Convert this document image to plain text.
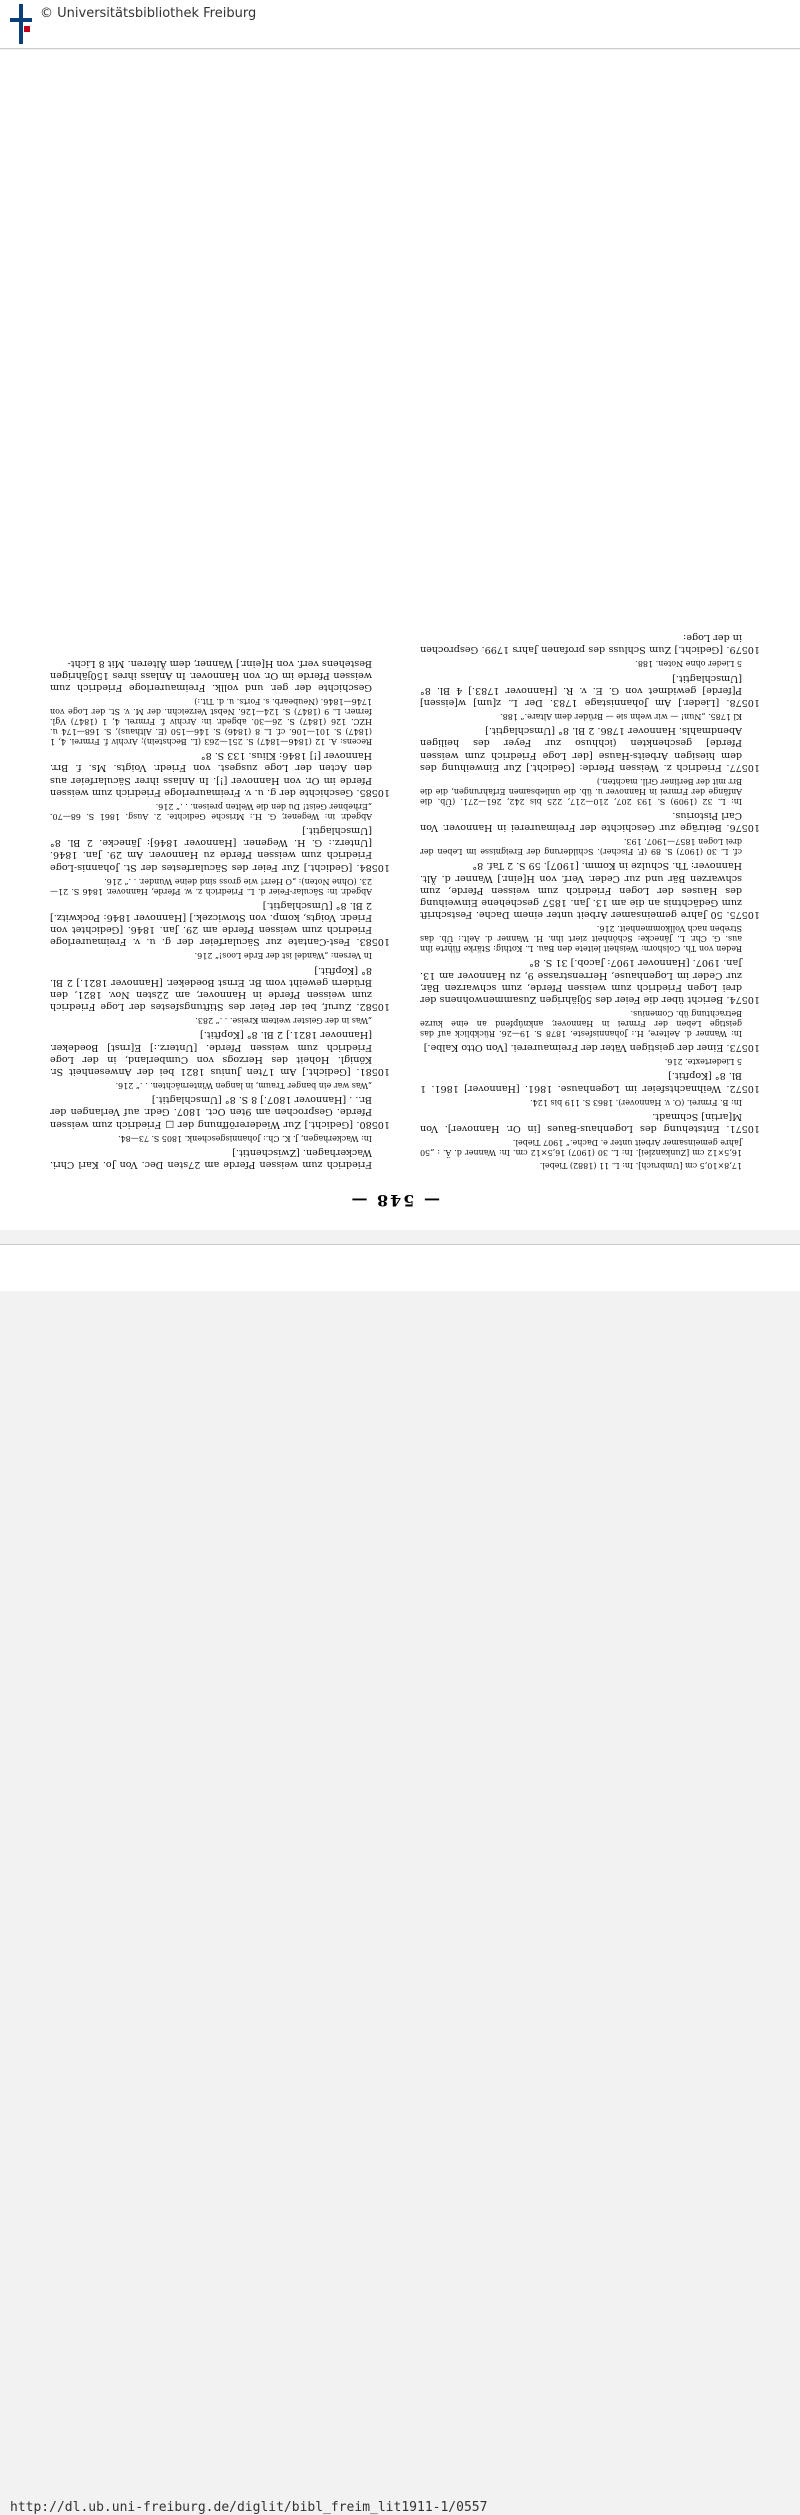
© Universitätsbibliothek Freiburg
— 548 —

17,8×10,5 cm [Umbruch]. In: L. 11 (1882) Tiebel.

16,5×12 cm [Zunkanzlei]. In: L. 30 (1907) 16,5×12 cm. In: Wanner d. Ä. : „50 Jahre gemeinsamer Arbeit unter e. Dache.“ 1907 Tiebel.

10571. Entstehung des Logenhaus-Baues [in Or. Hannover]. Von M[artin] Schmadt.

In: B. Frmrei. (O. v. Hannover). 1863 S. 119 bis 124.

10572. Weihnachtsfeier im Logenhause. 1861. [Hannover] 1861. 1 Bl. 8° [Kopftit.]

5 Liedertexte. 216.

10573. Einer der geistigen Väter der Freimaurerei. [Von Otto Kalbe.]

In: Wanner d. Aeltere, H.: Johannisfeste. 1878 S. 19—26. Rückblick auf das geistige Leben der Frmrei in Hannover, anknüpfend an eine kurze Betrachtung üb. Comenius.

10574. Bericht über die Feier des 50jährigen Zusammenwohnens der drei Logen Friedrich zum weissen Pferde, zum schwarzen Bär, zur Ceder im Logenhause, Herrenstrasse 9, zu Hannover am 13. Jan. 1907. [Hannover 1907: Jacob.] 31 S. 8°

Reden von Th. Colshorn: Weisheit leitete den Bau. L. Kothig: Stärke führte ihn aus. G. Chr. L. Jänecke: Schönheit ziert ihn. H. Wanner d. Aelt.: Üb. das Streben nach Vollkommenheit. 216.

10575. 50 Jahre gemeinsamer Arbeit unter einem Dache. Festschrift zum Gedächtnis an die am 13. Jan. 1857 geschehene Einweihung des Hauses der Logen Friedrich zum weissen Pferde, zum schwarzen Bär und zur Ceder. Verf. von H[einr.] Wanner d. Ält. Hannover: Th. Schulze in Komm. [1907]. 59 S. 2 Taf. 8°

cf. L. 30 (1907) S. 89 (F. Fischer). Schilderung der Ereignisse im Leben der drei Logen 1857—1907. 193.

10576. Beiträge zur Geschichte der Freimaurerei in Hannover. Von Carl Pistorius.

In: L. 32 (1909) S. 193 207, 210—217, 225 bis 242, 261—271. (Üb. die Anfänge der Frmrei in Hannover u. üb. die unliebsamen Erfahrungen, die die Brr mit der Berliner Grll. machten.)

10577. Friedrich z. Weissen Pferde: [Gedicht.] Zur Einweihung des dem hiesigen Arbeits-Hause [der Loge Friedrich zum weissen Pferde] geschenkten (ichhuso zur Feyer des heiligen Abendmahls. Hannover 1786. 2 Bl. 8° [Umschlagtit.]

Kl 1785. „Nun! — wir wehn sie — Brüder dem Altare.“ 188.

10578. [Lieder.] Am Johannistage 1783. Der L. z[um] w[eissen] P[ferde] gewidmet von G. E. v. R. [Hannover 1783.] 4 Bl. 8° [Umschlagtit.]

5 Lieder ohne Noten. 188.

10579. [Gedicht.] Zum Schluss des profanen Jahrs 1799. Gesprochen in der Loge:

Friedrich zum weissen Pferde am 27sten Dec. Von Jo. Karl Chri. Wackerhagen. [Zwischentit.]

In: Wackerhagen, J. K. Ch.: Johannisgeschenk. 1805 S. 73—84.

10580. [Gedicht.] Zur Wiedereröffnung der □ Friedrich zum weissen Pferde. Gesprochen am 9ten Oct. 1807. Gedr. auf Verlangen der Br.. . [Hannover 1807.] 8 S. 8° [Umschlagtit.]

„Was war ein banger Traum, in langen Winternächten. . .“ 216.

10581. [Gedicht.] Am 17ten Junius 1821 bei der Anwesenheit Sr. Königl. Hoheit des Herzogs von Cumberland, in der Loge Friedrich zum weissen Pferde. [Unterz.:] E[rnst] Boedeker. [Hannover 1821.] 2 Bl. 8° [Kopftit.]

„Was in der Geister weitem Kreise. . .“ 283.

10582. Zuruf, bei der Feier des Stiftungsfestes der Loge Friedrich zum weissen Pferde in Hannover, am 22sten Nov. 1821, den Brüdern geweiht vom Br. Ernst Boedeker. [Hannover 1821.] 2 Bl. 8° [Kopftit.]

In Versen: „Wandel ist der Erde Loos!“ 216.

10583. Fest-Cantate zur Säcularfeier der g. u. v. Freimaurerloge Friedrich zum weissen Pferde am 29. Jan. 1846. [Gedichtet von Friedr. Voigts, komp. von Stowiczek.] [Hannover 1846: Pockwitz.] 2 Bl. 8° [Umschlagtit.]

Abgedr. in: Säcular-Feier d. L. Friedrich z. w. Pferde, Hannover. 1846 S. 21—23. (Ohne Noten): „O Herr! wie gross sind deine Wunder. . .“ 216.

10584. [Gedicht.] Zur Feier des Säcularfestes der St. Johannis-Loge Friedrich zum weissen Pferde zu Hannover. Am 29. Jan. 1846. [Unterz.: G. H. Wegener. [Hannover 1846]: Jänecke. 2 Bl. 8° [Umschlagtit.]

Abgedr. in: Wegener, G. H.: Mrische Gedichte. 2. Ausg. 1861 S. 68—70. „Erhebner Geist! Du den die Welten preisen. . .“ 216.

10585. Geschichte der g. u. v. Freimaurerloge Friedrich zum weissen Pferde im Or. von Hannover [!]. In Anlass ihrer Säcularfeier aus den Acten der Loge zusgest. von Friedr. Voigts. Ms. f. Brr. Hannover [!] 1846: Klius. 133 S. 8°

Recens: A. 12 (1846—1847) S. 251—263 (L. Bechstein); Archiv f. Frmrei. 4, 1 (1847) S. 101—106. cf. L. 8 (1846) S. 146—150 (E. Althaus), S. 168—174 u. HZC. 126 (1847) S. 26—30. abgedr. in: Archiv f. Frmrei. 4, 1 (1847) Vgl. ferner: L. 9 (1847) S. 124—126. Nebst Verzeichn. der M. v. St. der Loge von 1746—1846. (Neubearb. s. Forts. u. d. Tit.:)

Geschichte der ger. und vollk. Freimaurerloge Friedrich zum weissen Pferde im Or. von Hannover. In Anlass ihres 150jährigen Bestehens verf. von H[einr.] Wanner, dem Älteren. Mit 8 Licht-

http://dl.ub.uni-freiburg.de/diglit/bibl_freim_lit1911-1/0557
